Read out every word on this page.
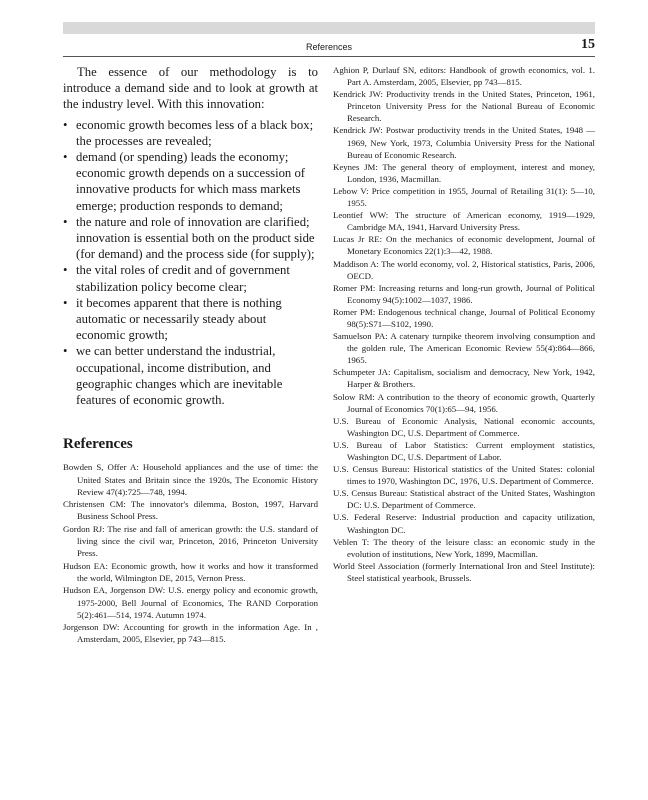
References	15

The essence of our methodology is to introduce a demand side and to look at growth at the industry level. With this innovation:

• economic growth becomes less of a black box; the processes are revealed;
• demand (or spending) leads the economy; economic growth depends on a succession of innovative products for which mass markets emerge; production responds to demand;
• the nature and role of innovation are clarified; innovation is essential both on the product side (for demand) and the process side (for supply);
• the vital roles of credit and of government stabilization policy become clear;
• it becomes apparent that there is nothing automatic or necessarily steady about economic growth;
• we can better understand the industrial, occupational, income distribution, and geographic changes which are inevitable features of economic growth.
References
Bowden S, Offer A: Household appliances and the use of time: the United States and Britain since the 1920s, The Economic History Review 47(4):725—748, 1994.
Christensen CM: The innovator's dilemma, Boston, 1997, Harvard Business School Press.
Gordon RJ: The rise and fall of american growth: the U.S. standard of living since the civil war, Princeton, 2016, Princeton University Press.
Hudson EA: Economic growth, how it works and how it transformed the world, Wilmington DE, 2015, Vernon Press.
Hudson EA, Jorgenson DW: U.S. energy policy and economic growth, 1975-2000, Bell Journal of Economics, The RAND Corporation 5(2):461—514, 1974. Autumn 1974.
Jorgenson DW: Accounting for growth in the information Age. In , Amsterdam, 2005, Elsevier, pp 743—815.
Aghion P, Durlauf SN, editors: Handbook of growth economics, vol. 1. Part A. Amsterdam, 2005, Elsevier, pp 743—815.
Kendrick JW: Productivity trends in the United States, Princeton, 1961, Princeton University Press for the National Bureau of Economic Research.
Kendrick JW: Postwar productivity trends in the United States, 1948 — 1969, New York, 1973, Columbia University Press for the National Bureau of Economic Research.
Keynes JM: The general theory of employment, interest and money, London, 1936, Macmillan.
Lebow V: Price competition in 1955, Journal of Retailing 31(1): 5—10, 1955.
Leontief WW: The structure of American economy, 1919—1929, Cambridge MA, 1941, Harvard University Press.
Lucas Jr RE: On the mechanics of economic development, Journal of Monetary Economics 22(1):3—42, 1988.
Maddison A: The world economy, vol. 2, Historical statistics, Paris, 2006, OECD.
Romer PM: Increasing returns and long-run growth, Journal of Political Economy 94(5):1002—1037, 1986.
Romer PM: Endogenous technical change, Journal of Political Economy 98(5):S71—S102, 1990.
Samuelson PA: A catenary turnpike theorem involving consumption and the golden rule, The American Economic Review 55(4):864—866, 1965.
Schumpeter JA: Capitalism, socialism and democracy, New York, 1942, Harper & Brothers.
Solow RM: A contribution to the theory of economic growth, Quarterly Journal of Economics 70(1):65—94, 1956.
U.S. Bureau of Economic Analysis, National economic accounts, Washington DC, U.S. Department of Commerce.
U.S. Bureau of Labor Statistics: Current employment statistics, Washington DC, U.S. Department of Labor.
U.S. Census Bureau: Historical statistics of the United States: colonial times to 1970, Washington DC, 1976, U.S. Department of Commerce.
U.S. Census Bureau: Statistical abstract of the United States, Washington DC: U.S. Department of Commerce.
U.S. Federal Reserve: Industrial production and capacity utilization, Washington DC.
Veblen T: The theory of the leisure class: an economic study in the evolution of institutions, New York, 1899, Macmillan.
World Steel Association (formerly International Iron and Steel Institute): Steel statistical yearbook, Brussels.
